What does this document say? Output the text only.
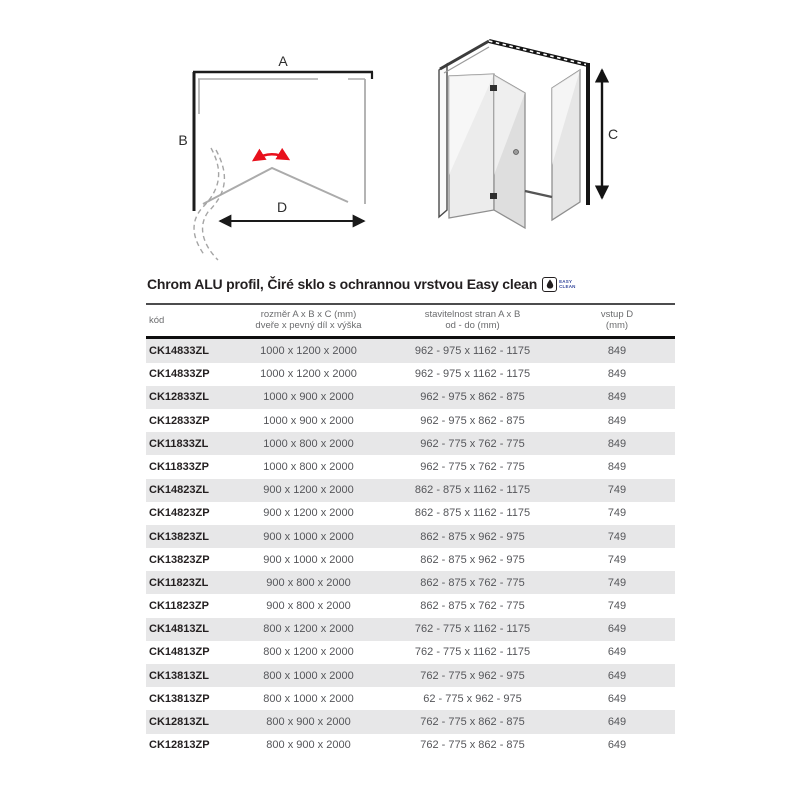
A
B
D
C
Chrom ALU profil, Čiré sklo s ochrannou vrstvou Easy clean	EASY
CLEAN
kód	
rozměr A x B x C (mm)
dveře x pevný díl x výška

stavitelnost stran A x B
od - do (mm)

vstup D
(mm)

CK14833ZL	1000 x 1200 x 2000	962 - 975 x 1162 - 1175	849
CK14833ZP	1000 x 1200 x 2000	962 - 975 x 1162 - 1175	849
CK12833ZL	1000 x 900 x 2000	962 - 975 x 862 - 875	849
CK12833ZP	1000 x 900 x 2000	962 - 975 x 862 - 875	849
CK11833ZL	1000 x 800 x 2000	962 - 775 x 762 - 775	849
CK11833ZP	1000 x 800 x 2000	962 - 775 x 762 - 775	849
CK14823ZL	900 x 1200 x 2000	862 - 875 x 1162 - 1175	749
CK14823ZP	900 x 1200 x 2000	862 - 875 x 1162 - 1175	749
CK13823ZL	900 x 1000 x 2000	862 - 875 x 962 - 975	749
CK13823ZP	900 x 1000 x 2000	862 - 875 x 962 - 975	749
CK11823ZL	900 x 800 x 2000	862 - 875 x 762 - 775	749
CK11823ZP	900 x 800 x 2000	862 - 875 x 762 - 775	749
CK14813ZL	800 x 1200 x 2000	762 - 775 x 1162 - 1175	649
CK14813ZP	800 x 1200 x 2000	762 - 775 x 1162 - 1175	649
CK13813ZL	800 x 1000 x 2000	762 - 775 x 962 - 975	649
CK13813ZP	800 x 1000 x 2000	62 - 775 x 962 - 975	649
CK12813ZL	800 x 900 x 2000	762 - 775 x 862 - 875	649
CK12813ZP	800 x 900 x 2000	762 - 775 x 862 - 875	649
